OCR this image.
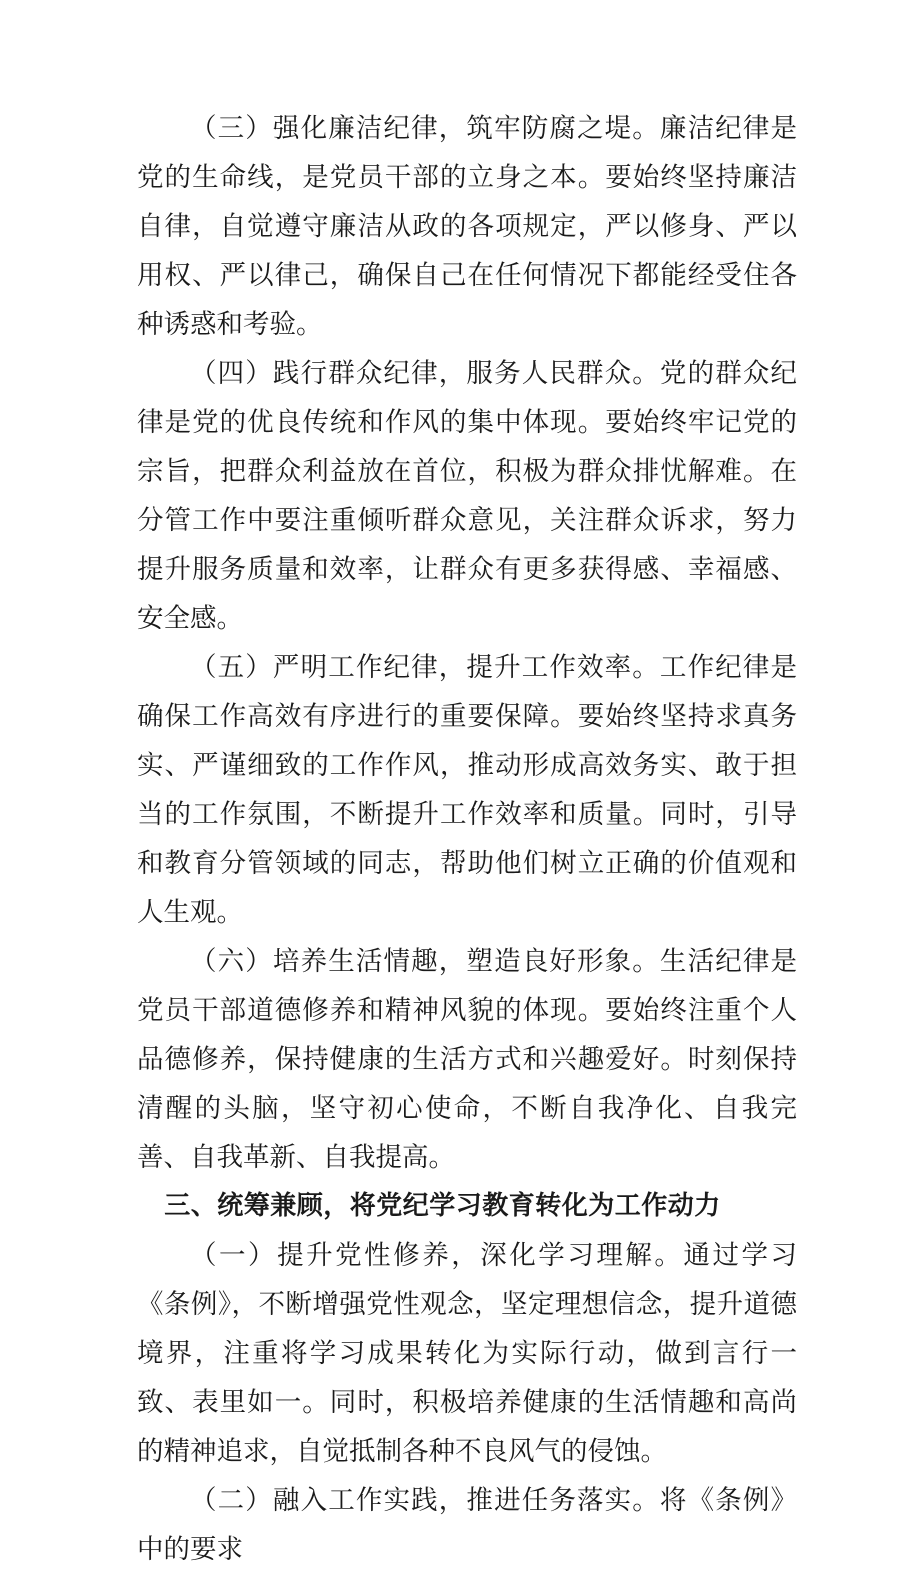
（三）强化廉洁纪律，筑牢防腐之堤。廉洁纪律是党的生命线，是党员干部的立身之本。要始终坚持廉洁自律，自觉遵守廉洁从政的各项规定，严以修身、严以用权、严以律己，确保自己在任何情况下都能经受住各种诱惑和考验。

（四）践行群众纪律，服务人民群众。党的群众纪律是党的优良传统和作风的集中体现。要始终牢记党的宗旨，把群众利益放在首位，积极为群众排忧解难。在分管工作中要注重倾听群众意见，关注群众诉求，努力提升服务质量和效率，让群众有更多获得感、幸福感、安全感。

（五）严明工作纪律，提升工作效率。工作纪律是确保工作高效有序进行的重要保障。要始终坚持求真务实、严谨细致的工作作风，推动形成高效务实、敢于担当的工作氛围，不断提升工作效率和质量。同时，引导和教育分管领域的同志，帮助他们树立正确的价值观和人生观。

（六）培养生活情趣，塑造良好形象。生活纪律是党员干部道德修养和精神风貌的体现。要始终注重个人品德修养，保持健康的生活方式和兴趣爱好。时刻保持清醒的头脑，坚守初心使命，不断自我净化、自我完善、自我革新、自我提高。

三、统筹兼顾，将党纪学习教育转化为工作动力

（一）提升党性修养，深化学习理解。通过学习《条例》，不断增强党性观念，坚定理想信念，提升道德境界，注重将学习成果转化为实际行动，做到言行一致、表里如一。同时，积极培养健康的生活情趣和高尚的精神追求，自觉抵制各种不良风气的侵蚀。

（二）融入工作实践，推进任务落实。将《条例》中的要求
